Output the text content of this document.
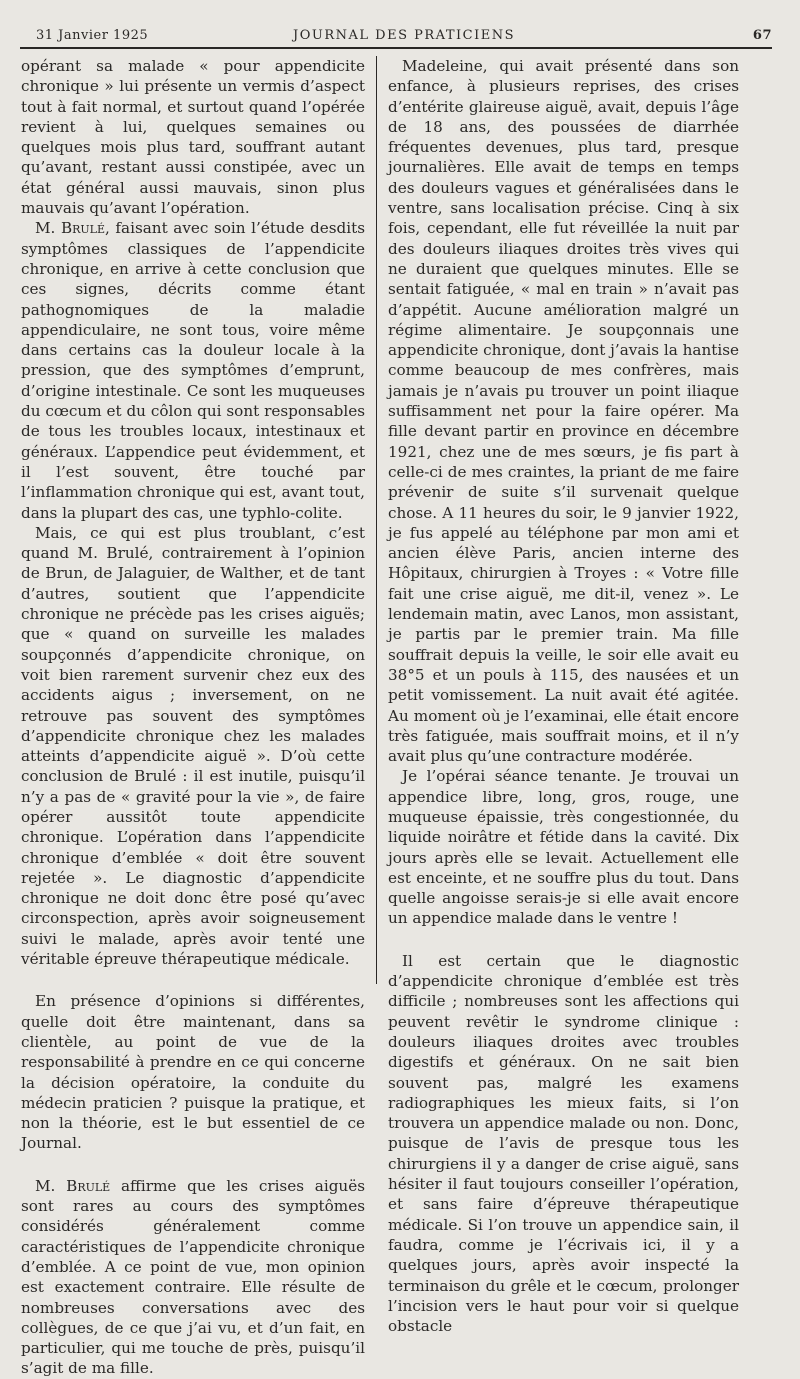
31 Janvier 1925	JOURNAL DES PRATICIENS	67

opérant sa malade « pour appendicite chronique » lui présente un vermis d’aspect tout à fait normal, et surtout quand l’opérée revient à lui, quelques semaines ou quelques mois plus tard, souffrant autant qu’avant, restant aussi constipée, avec un état général aussi mauvais, sinon plus mauvais qu’avant l’opération.

M. Brulé, faisant avec soin l’étude desdits symptômes classiques de l’appendicite chronique, en arrive à cette conclusion que ces signes, décrits comme étant pathognomiques de la maladie appendiculaire, ne sont tous, voire même dans certains cas la douleur locale à la pression, que des symptômes d’emprunt, d’origine intestinale. Ce sont les muqueuses du cœcum et du côlon qui sont responsables de tous les troubles locaux, intestinaux et généraux. L’appendice peut évidemment, et il l’est souvent, être touché par l’inflammation chronique qui est, avant tout, dans la plupart des cas, une typhlo-colite.

Mais, ce qui est plus troublant, c’est quand M. Brulé, contrairement à l’opinion de Brun, de Jalaguier, de Walther, et de tant d’autres, soutient que l’appendicite chronique ne précède pas les crises aiguës; que « quand on surveille les malades soupçonnés d’appendicite chronique, on voit bien rarement survenir chez eux des accidents aigus ; inversement, on ne retrouve pas souvent des symptômes d’appendicite chronique chez les malades atteints d’appendicite aiguë ». D’où cette conclusion de Brulé : il est inutile, puisqu’il n’y a pas de « gravité pour la vie », de faire opérer aussitôt toute appendicite chronique. L’opération dans l’appendicite chronique d’emblée « doit être souvent rejetée ». Le diagnostic d’appendicite chronique ne doit donc être posé qu’avec circonspection, après avoir soigneusement suivi le malade, après avoir tenté une véritable épreuve thérapeutique médicale.

En présence d’opinions si différentes, quelle doit être maintenant, dans sa clientèle, au point de vue de la responsabilité à prendre en ce qui concerne la décision opératoire, la conduite du médecin praticien ? puisque la pratique, et non la théorie, est le but essentiel de ce Journal.

M. Brulé affirme que les crises aiguës sont rares au cours des symptômes considérés généralement comme caractéristiques de l’appendicite chronique d’emblée. A ce point de vue, mon opinion est exactement contraire. Elle résulte de nombreuses conversations avec des collègues, de ce que j’ai vu, et d’un fait, en particulier, qui me touche de près, puisqu’il s’agit de ma fille.

Madeleine, qui avait présenté dans son enfance, à plusieurs reprises, des crises d’entérite glaireuse aiguë, avait, depuis l’âge de 18 ans, des poussées de diarrhée fréquentes devenues, plus tard, presque journalières. Elle avait de temps en temps des douleurs vagues et généralisées dans le ventre, sans localisation précise. Cinq à six fois, cependant, elle fut réveillée la nuit par des douleurs iliaques droites très vives qui ne duraient que quelques minutes. Elle se sentait fatiguée, « mal en train » n’avait pas d’appétit. Aucune amélioration malgré un régime alimentaire. Je soupçonnais une appendicite chronique, dont j’avais la hantise comme beaucoup de mes confrères, mais jamais je n’avais pu trouver un point iliaque suffisamment net pour la faire opérer. Ma fille devant partir en province en décembre 1921, chez une de mes sœurs, je fis part à celle-ci de mes craintes, la priant de me faire prévenir de suite s’il survenait quelque chose. A 11 heures du soir, le 9 janvier 1922, je fus appelé au téléphone par mon ami et ancien élève Paris, ancien interne des Hôpitaux, chirurgien à Troyes : « Votre fille fait une crise aiguë, me dit-il, venez ». Le lendemain matin, avec Lanos, mon assistant, je partis par le premier train. Ma fille souffrait depuis la veille, le soir elle avait eu 38°5 et un pouls à 115, des nausées et un petit vomissement. La nuit avait été agitée. Au moment où je l’examinai, elle était encore très fatiguée, mais souffrait moins, et il n’y avait plus qu’une contracture modérée.

Je l’opérai séance tenante. Je trouvai un appendice libre, long, gros, rouge, une muqueuse épaissie, très congestionnée, du liquide noirâtre et fétide dans la cavité. Dix jours après elle se levait. Actuellement elle est enceinte, et ne souffre plus du tout. Dans quelle angoisse serais-je si elle avait encore un appendice malade dans le ventre !

Il est certain que le diagnostic d’appendicite chronique d’emblée est très difficile ; nombreuses sont les affections qui peuvent revêtir le syndrome clinique : douleurs iliaques droites avec troubles digestifs et généraux. On ne sait bien souvent pas, malgré les examens radiographiques les mieux faits, si l’on trouvera un appendice malade ou non. Donc, puisque de l’avis de presque tous les chirurgiens il y a danger de crise aiguë, sans hésiter il faut toujours conseiller l’opération, et sans faire d’épreuve thérapeutique médicale. Si l’on trouve un appendice sain, il faudra, comme je l’écrivais ici, il y a quelques jours, après avoir inspecté la terminaison du grêle et le cœcum, prolonger l’incision vers le haut pour voir si quelque obstacle
